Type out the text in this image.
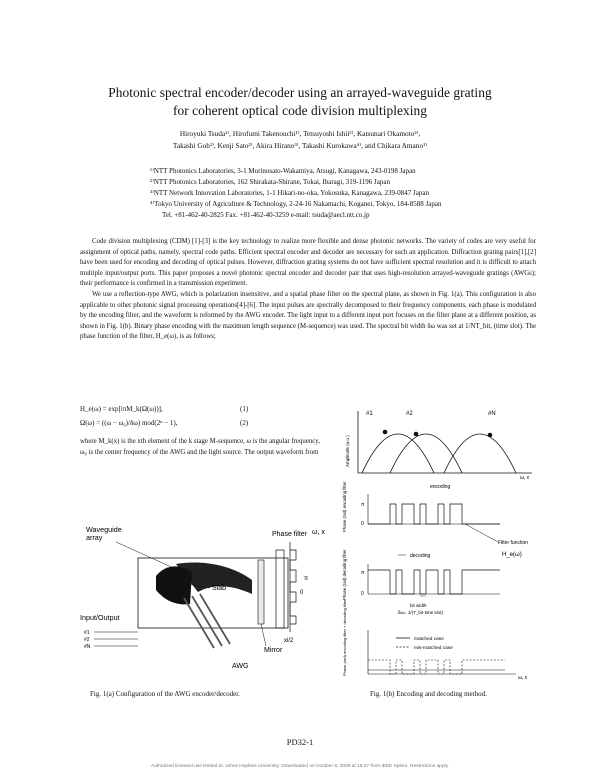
Photonic spectral encoder/decoder using an arrayed-waveguide grating
for coherent optical code division multiplexing
Hiroyuki Tsuda¹⁾, Hirofumi Takenouchi¹⁾, Tetsuyoshi Ishii²⁾, Katsunari Okamoto²⁾,
Takashi Goh²⁾, Kenji Sato³⁾, Akira Hirano³⁾, Takashi Kurokawa⁴⁾, and Chikara Amano¹⁾
¹⁾NTT Photonics Laboratories, 3-1 Morinosato-Wakamiya, Atsugi, Kanagawa, 243-0198 Japan
²⁾NTT Photonics Laboratories, 162 Shirakata-Shirane, Tokai, Ibaragi, 319-1196 Japan
³⁾NTT Network Innovation Laboratories, 1-1 Hikari-no-oka, Yokosuka, Kanagawa, 239-0847 Japan
⁴⁾Tokyo University of Agriculture & Technology, 2-24-16 Nakamachi, Koganei, Tokyo, 184-8588 Japan
Tel. +81-462-40-2825 Fax. +81-462-40-3259 e-mail: tsuda@aecl.ntt.co.jp

Code division multiplexing (CDM) [1]-[3] is the key technology to realize more flexible and dense photonic networks. The variety of codes are very useful for assignment of optical paths, namely, spectral code paths. Efficient spectral encoder and decoder are necessary for such an application. Diffraction grating pairs[1],[2] have been used for encoding and decoding of optical pulses. However, diffraction grating systems do not have sufficient spectral resolution and it is difficult to attach multiple input/output ports. This paper proposes a novel photonic spectral encoder and decoder pair that uses high-resolution arrayed-waveguide gratings (AWGs); their performance is confirmed in a transmission experiment.

We use a reflection-type AWG, which is polarization insensitive, and a spatial phase filter on the spectral plane, as shown in Fig. 1(a). This configuration is also applicable to other photonic signal processing operations[4]-[6]. The input pulses are spectrally decomposed to their frequency components, each phase is modulated by the encoding filter, and the waveform is reformed by the AWG encoder. The light input to a different input port focuses on the filter plane at a different position, as shown in Fig. 1(b). Binary phase encoding with the maximum length sequence (M-sequence) was used. The spectral bit width δω was set at 1/NT_bit, (time slot). The phase function of the filter, H_e(ω), is as follows;

H_e(ω) = exp[iπM_k(Ω(ω))],	(1)
Ω(ω) = ((ω − ω₀)/δω) mod(2ⁿ − 1),	(2)

where M_k(x) is the xth element of the k stage M-sequence, ω is the angular frequency, ω₀ is the center frequency of the AWG and the light source. The output waveform from

#1	#2	#N
Amplitude (a.u.)
ω, x
encoding
Phase (rad) encoding filter	π
0
decoding
Phase (rad) decoding filter	π
0
Filter function
H_e(ω)
bit width
δω= 1/(T_bit·time slot)
Phase (rad) encoding filter + decoding filter	matched case
mis-matched case
ω, x
Phase filter ω, x
π
0
xi/2
Waveguide array
Slab
Input/Output
#1
#2
#N
AWG
Mirror
Fig. 1(a) Configuration of the AWG encoder/decoder.	Fig. 1(b) Encoding and decoding method.
PD32-1
Authorized licensed use limited to: Johns Hopkins University. Downloaded on October 6, 2009 at 16:27 from IEEE Xplore. Restrictions apply.
